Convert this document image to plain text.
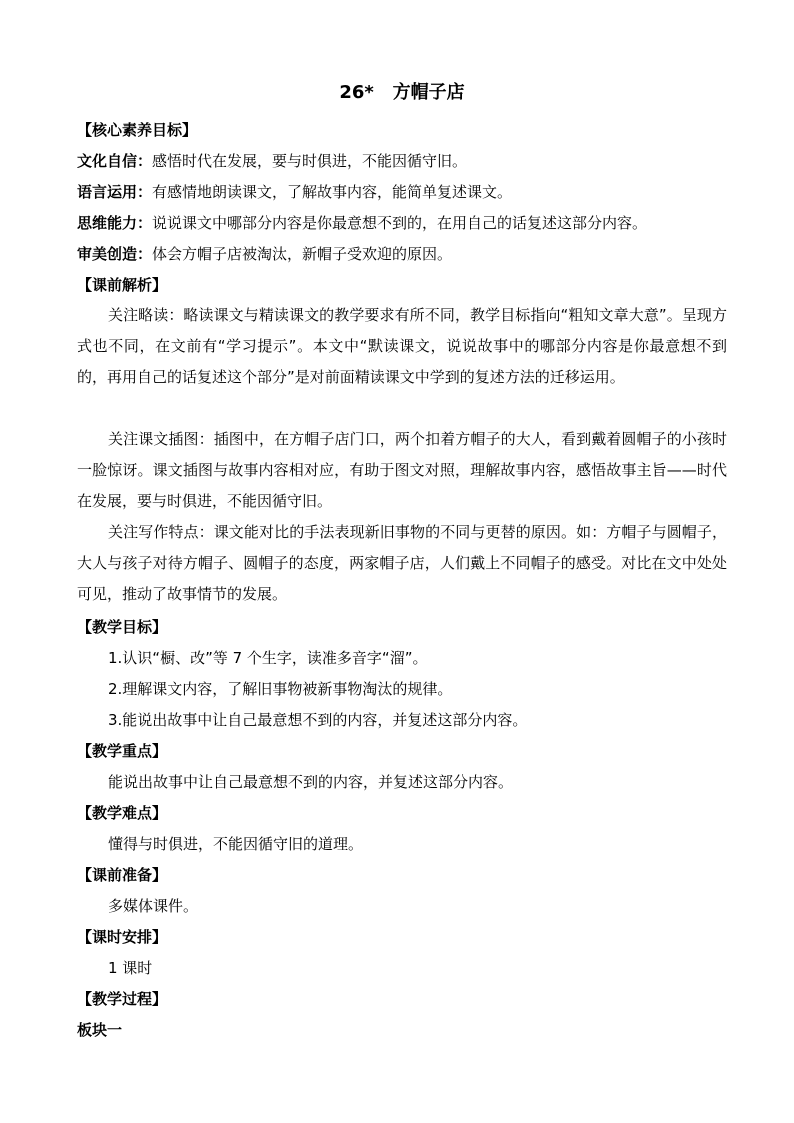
26*   方帽子店
【核心素养目标】
文化自信：感悟时代在发展，要与时俱进，不能因循守旧。
语言运用：有感情地朗读课文，了解故事内容，能简单复述课文。
思维能力：说说课文中哪部分内容是你最意想不到的，在用自己的话复述这部分内容。
审美创造：体会方帽子店被淘汰，新帽子受欢迎的原因。
【课前解析】
关注略读：略读课文与精读课文的教学要求有所不同，教学目标指向“粗知文章大意”。呈现方式也不同，在文前有“学习提示”。本文中“默读课文，说说故事中的哪部分内容是你最意想不到的，再用自己的话复述这个部分”是对前面精读课文中学到的复述方法的迁移运用。
关注课文插图：插图中，在方帽子店门口，两个扣着方帽子的大人，看到戴着圆帽子的小孩时一脸惊讶。课文插图与故事内容相对应，有助于图文对照，理解故事内容，感悟故事主旨——时代在发展，要与时俱进，不能因循守旧。
关注写作特点：课文能对比的手法表现新旧事物的不同与更替的原因。如：方帽子与圆帽子，大人与孩子对待方帽子、圆帽子的态度，两家帽子店，人们戴上不同帽子的感受。对比在文中处处可见，推动了故事情节的发展。
【教学目标】
1.认识“橱、改”等 7 个生字，读准多音字“溜”。
2.理解课文内容，了解旧事物被新事物淘汰的规律。
3.能说出故事中让自己最意想不到的内容，并复述这部分内容。
【教学重点】
能说出故事中让自己最意想不到的内容，并复述这部分内容。
【教学难点】
懂得与时俱进，不能因循守旧的道理。
【课前准备】
多媒体课件。
【课时安排】
1 课时
【教学过程】
板块一
